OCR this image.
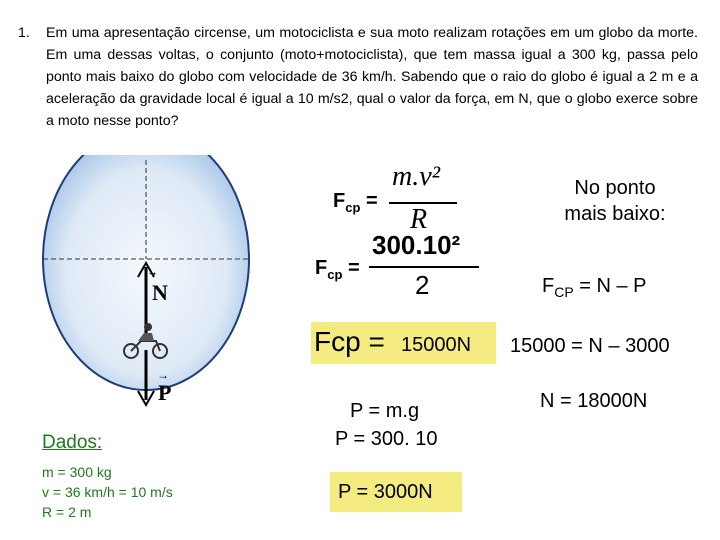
1. Em uma apresentação circense, um motociclista e sua moto realizam rotações em um globo da morte. Em uma dessas voltas, o conjunto (moto+motociclista), que tem massa igual a 300 kg, passa pelo ponto mais baixo do globo com velocidade de 36 km/h. Sabendo que o raio do globo é igual a 2 m e a aceleração da gravidade local é igual a 10 m/s2, qual o valor da força, em N, que o globo exerce sobre a moto nesse ponto?
N
→
P
$F_{cp}$ =
m.v²
R
$F_{cp}$ =
300.10²
2
Fcp = 15000N
P = m.g
P = 300. 10
P = 3000N
No ponto
mais baixo:
$F_{CP} = N - P$
15000 = N – 3000
N = 18000N
Dados:
m = 300 kg
v = 36 km/h = 10 m/s
R = 2 m
